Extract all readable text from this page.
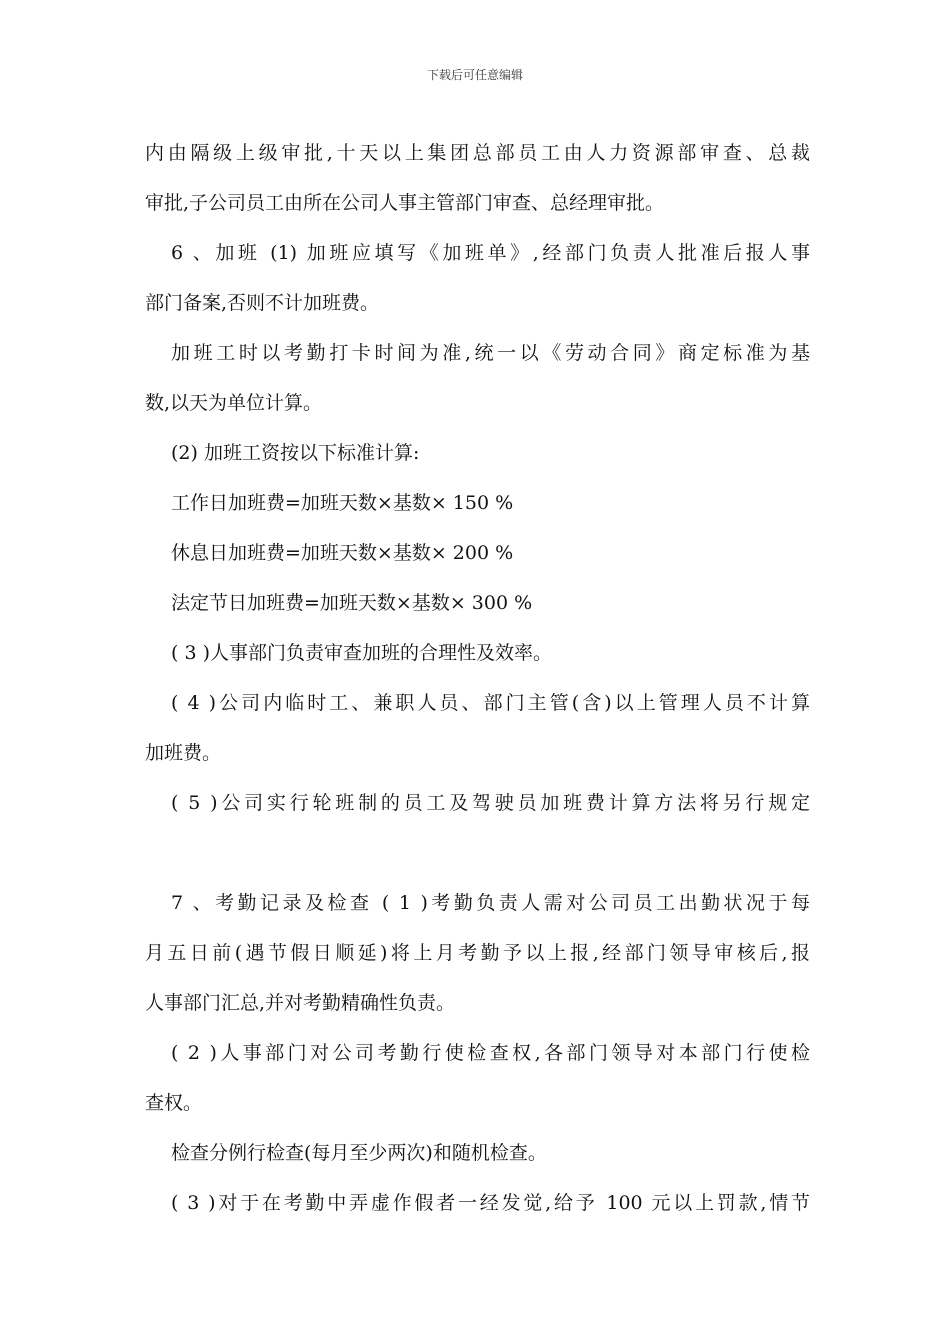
下载后可任意编辑
内由隔级上级审批,十天以上集团总部员工由人力资源部审查、总裁
审批,子公司员工由所在公司人事主管部门审查、总经理审批。
6 、加班 (1) 加班应填写《加班单》,经部门负责人批准后报人事
部门备案,否则不计加班费。
加班工时以考勤打卡时间为准,统一以《劳动合同》商定标准为基
数,以天为单位计算。
(2) 加班工资按以下标准计算:
工作日加班费=加班天数×基数× 150 %
休息日加班费=加班天数×基数× 200 %
法定节日加班费=加班天数×基数× 300 %
( 3 )人事部门负责审查加班的合理性及效率。
( 4 )公司内临时工、兼职人员、部门主管(含)以上管理人员不计算
加班费。
( 5 )公司实行轮班制的员工及驾驶员加班费计算方法将另行规定
7 、考勤记录及检查 ( 1 )考勤负责人需对公司员工出勤状况于每
月五日前(遇节假日顺延)将上月考勤予以上报,经部门领导审核后,报
人事部门汇总,并对考勤精确性负责。
( 2 )人事部门对公司考勤行使检查权,各部门领导对本部门行使检
查权。
检查分例行检查(每月至少两次)和随机检查。
( 3 )对于在考勤中弄虚作假者一经发觉,给予 100 元以上罚款,情节
